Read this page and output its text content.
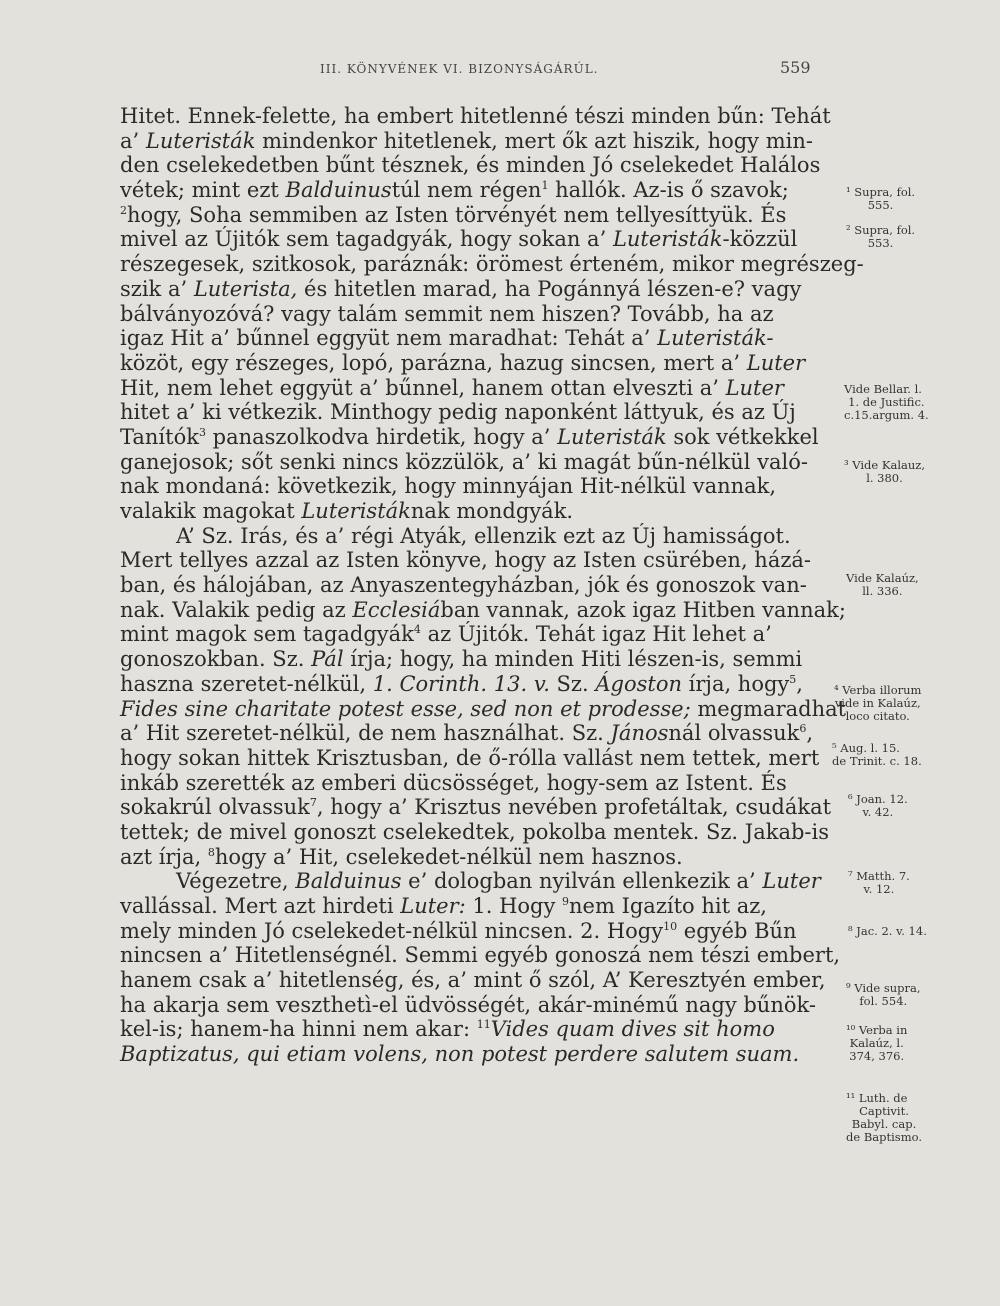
III. KÖNYVÉNEK VI. BIZONYSÁGÁRÚL.	559
Hitet. Ennek-felette, ha embert hitetlenné tészi minden bűn: Tehát
a’ Luteristák mindenkor hitetlenek, mert ők azt hiszik, hogy min-
den cselekedetben bűnt tésznek, és minden Jó cselekedet Halálos
vétek; mint ezt Balduinustúl nem régen$^1$ hallók. Az-is ő szavok;
$^2$hogy, Soha semmiben az Isten törvényét nem tellyesíttyük. És
mivel az Újitók sem tagadgyák, hogy sokan a’ Luteristák-közzül
részegesek, szitkosok, paráznák: örömest érteném, mikor megrészeg-
szik a’ Luterista, és hitetlen marad, ha Pogánnyá lészen-e? vagy
bálványozóvá? vagy talám semmit nem hiszen? Tovább, ha az
igaz Hit a’ bűnnel eggyüt nem maradhat: Tehát a’ Luteristák-
közöt, egy részeges, lopó, parázna, hazug sincsen, mert a’ Luter
Hit, nem lehet eggyüt a’ bűnnel, hanem ottan elveszti a’ Luter
hitet a’ ki vétkezik. Minthogy pedig naponként láttyuk, és az Új
Tanítók$^3$ panaszolkodva hirdetik, hogy a’ Luteristák sok vétkekkel
ganejosok; sőt senki nincs közzülök, a’ ki magát bűn-nélkül való-
nak mondaná: következik, hogy minnyájan Hit-nélkül vannak,
valakik magokat Luteristáknak mondgyák.
A’ Sz. Irás, és a’ régi Atyák, ellenzik ezt az Új hamisságot.
Mert tellyes azzal az Isten könyve, hogy az Isten csürében, házá-
ban, és hálojában, az Anyaszentegyházban, jók és gonoszok van-
nak. Valakik pedig az Ecclesiában vannak, azok igaz Hitben vannak;
mint magok sem tagadgyák$^4$ az Újitók. Tehát igaz Hit lehet a’
gonoszokban. Sz. Pál írja; hogy, ha minden Hiti lészen-is, semmi
haszna szeretet-nélkül, 1. Corinth. 13. v. Sz. Ágoston írja, hogy$^5$,
Fides sine charitate potest esse, sed non et prodesse; megmaradhat
a’ Hit szeretet-nélkül, de nem használhat. Sz. Jánosnál olvassuk$^6$,
hogy sokan hittek Krisztusban, de ő-rólla vallást nem tettek, mert
inkáb szerették az emberi dücsösséget, hogy-sem az Istent. És
sokakrúl olvassuk$^7$, hogy a’ Krisztus nevében profetáltak, csudákat
tettek; de mivel gonoszt cselekedtek, pokolba mentek. Sz. Jakab-is
azt írja, $^8$hogy a’ Hit, cselekedet-nélkül nem hasznos.
Végezetre, Balduinus e’ dologban nyilván ellenkezik a’ Luter
vallással. Mert azt hirdeti Luter: 1. Hogy $^9$nem Igazíto hit az,
mely minden Jó cselekedet-nélkül nincsen. 2. Hogy$^{10}$ egyéb Bűn
nincsen a’ Hitetlenségnél. Semmi egyéb gonoszá nem tészi embert,
hanem csak a’ hitetlenség, és, a’ mint ő szól, A’ Keresztyén ember,
ha akarja sem veszthetì-el üdvösségét, akár-minémű nagy bűnök-
kel-is; hanem-ha hinni nem akar: $^{11}$Vides quam dives sit homo
Baptizatus, qui etiam volens, non potest perdere salutem suam.
¹ Supra, fol.
555.
² Supra, fol.
553.
Vide Bellar. l.
1. de Justific.
c.15.argum. 4.
³ Vide Kalauz,
l. 380.
Vide Kalaúz,
ll. 336.
⁴ Verba illorum
vide in Kalaúz,
loco citato.
⁵ Aug. l. 15.
de Trinit. c. 18.
⁶ Joan. 12.
v. 42.
⁷ Matth. 7.
v. 12.
⁸ Jac. 2. v. 14.
⁹ Vide supra,
fol. 554.
¹⁰ Verba in
Kalaúz, l.
374, 376.
¹¹ Luth. de
Captivit.
Babyl. cap.
de Baptismo.
